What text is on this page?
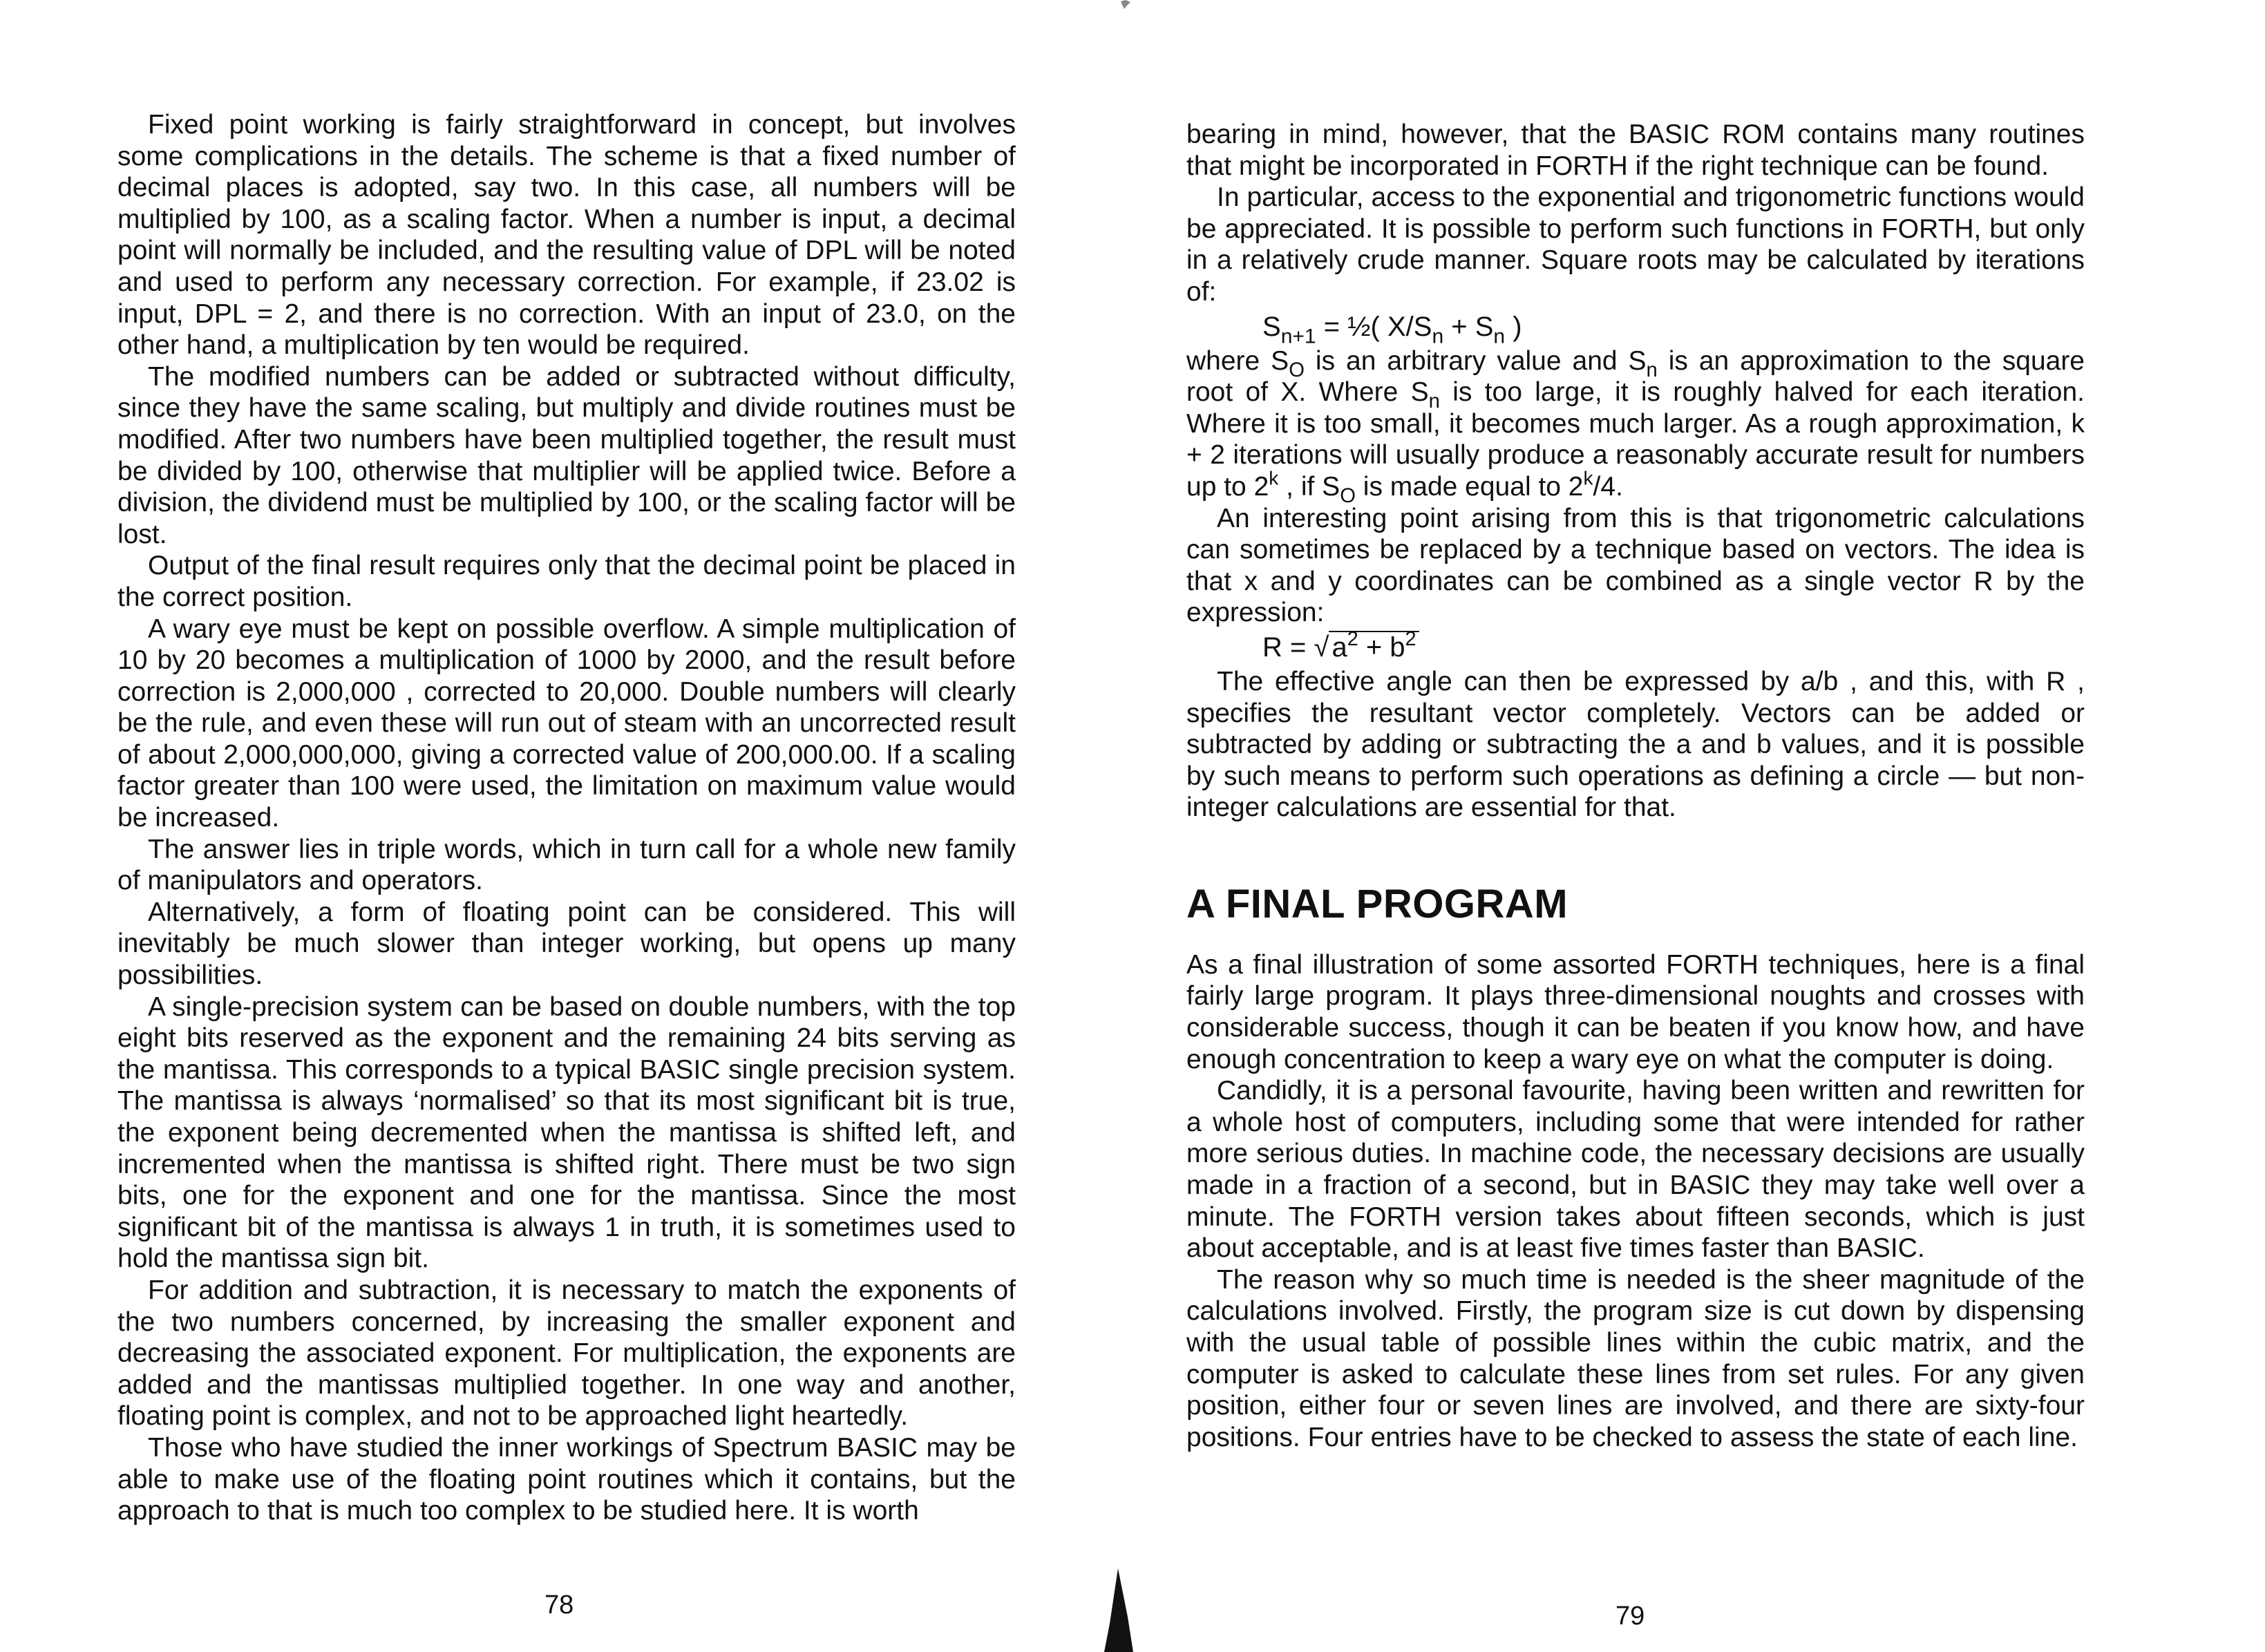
Fixed point working is fairly straightforward in concept, but involves some complications in the details. The scheme is that a fixed number of decimal places is adopted, say two. In this case, all numbers will be multiplied by 100, as a scaling factor. When a number is input, a decimal point will normally be included, and the resulting value of DPL will be noted and used to perform any necessary correction. For example, if 23.02 is input, DPL = 2, and there is no correction. With an input of 23.0, on the other hand, a multiplication by ten would be required.

The modified numbers can be added or subtracted without difficulty, since they have the same scaling, but multiply and divide routines must be modified. After two numbers have been multiplied together, the result must be divided by 100, otherwise that multiplier will be applied twice. Before a division, the dividend must be multiplied by 100, or the scaling factor will be lost.

Output of the final result requires only that the decimal point be placed in the correct position.

A wary eye must be kept on possible overflow. A simple multiplication of 10 by 20 becomes a multiplication of 1000 by 2000, and the result before correction is 2,000,000 , corrected to 20,000. Double numbers will clearly be the rule, and even these will run out of steam with an uncorrected result of about 2,000,000,000, giving a corrected value of 200,000.00. If a scaling factor greater than 100 were used, the limitation on maximum value would be increased.

The answer lies in triple words, which in turn call for a whole new family of manipulators and operators.

Alternatively, a form of floating point can be considered. This will inevitably be much slower than integer working, but opens up many possibilities.

A single-precision system can be based on double numbers, with the top eight bits reserved as the exponent and the remaining 24 bits serving as the mantissa. This corresponds to a typical BASIC single precision system. The mantissa is always ‘normalised’ so that its most significant bit is true, the exponent being decremented when the mantissa is shifted left, and incremented when the mantissa is shifted right. There must be two sign bits, one for the exponent and one for the mantissa. Since the most significant bit of the mantissa is always 1 in truth, it is sometimes used to hold the mantissa sign bit.

For addition and subtraction, it is necessary to match the exponents of the two numbers concerned, by increasing the smaller exponent and decreasing the associated exponent. For multiplication, the exponents are added and the mantissas multiplied together. In one way and another, floating point is complex, and not to be approached light heartedly.

Those who have studied the inner workings of Spectrum BASIC may be able to make use of the floating point routines which it contains, but the approach to that is much too complex to be studied here. It is worth

78

bearing in mind, however, that the BASIC ROM contains many routines that might be incorporated in FORTH if the right technique can be found.

In particular, access to the exponential and trigonometric functions would be appreciated. It is possible to perform such functions in FORTH, but only in a relatively crude manner. Square roots may be calculated by iterations of:

$S_{n+1}$ = ½( $X/S_n + S_n$ )

where $S_O$ is an arbitrary value and $S_n$ is an approximation to the square root of X. Where $S_n$ is too large, it is roughly halved for each iteration. Where it is too small, it becomes much larger. As a rough approximation, k + 2 iterations will usually produce a reasonably accurate result for numbers up to 2$^k$ , if $S_O$ is made equal to 2$^k$/4.

An interesting point arising from this is that trigonometric calculations can sometimes be replaced by a technique based on vectors. The idea is that x and y coordinates can be combined as a single vector R by the expression:

R = √ $a^2 + b^2$

The effective angle can then be expressed by a/b , and this, with R , specifies the resultant vector completely. Vectors can be added or subtracted by adding or subtracting the a and b values, and it is possible by such means to perform such operations as defining a circle — but non-integer calculations are essential for that.

A FINAL PROGRAM

As a final illustration of some assorted FORTH techniques, here is a final fairly large program. It plays three-dimensional noughts and crosses with considerable success, though it can be beaten if you know how, and have enough concentration to keep a wary eye on what the computer is doing.

Candidly, it is a personal favourite, having been written and rewritten for a whole host of computers, including some that were intended for rather more serious duties. In machine code, the necessary decisions are usually made in a fraction of a second, but in BASIC they may take well over a minute. The FORTH version takes about fifteen seconds, which is just about acceptable, and is at least five times faster than BASIC.

The reason why so much time is needed is the sheer magnitude of the calculations involved. Firstly, the program size is cut down by dispensing with the usual table of possible lines within the cubic matrix, and the computer is asked to calculate these lines from set rules. For any given position, either four or seven lines are involved, and there are sixty-four positions. Four entries have to be checked to assess the state of each line.

79
